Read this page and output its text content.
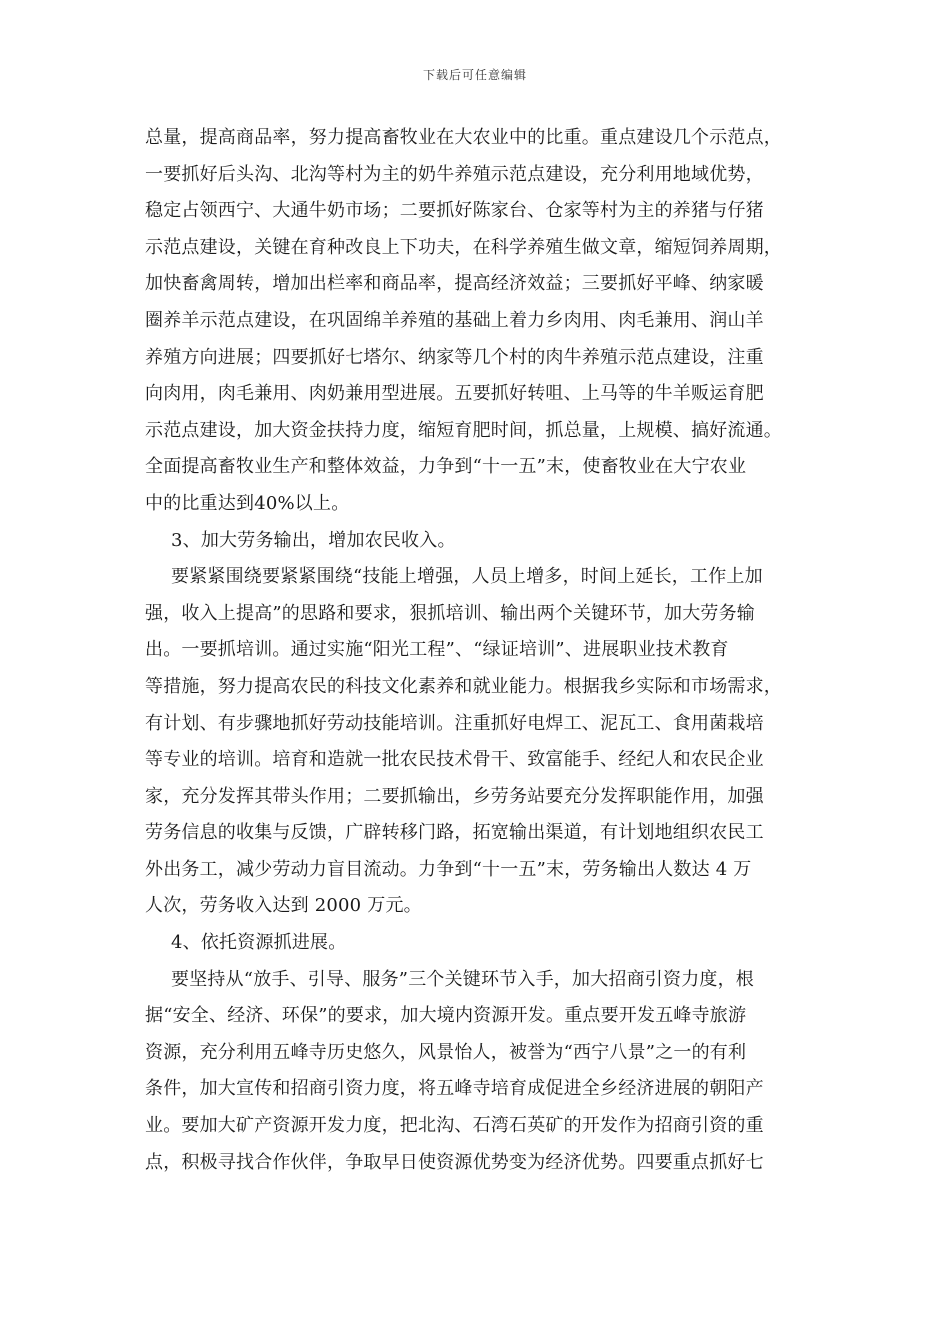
下载后可任意编辑
总量，提高商品率，努力提高畜牧业在大农业中的比重。重点建设几个示范点，
一要抓好后头沟、北沟等村为主的奶牛养殖示范点建设，充分利用地域优势，
稳定占领西宁、大通牛奶市场；二要抓好陈家台、仓家等村为主的养猪与仔猪
示范点建设，关键在育种改良上下功夫，在科学养殖生做文章，缩短饲养周期，
加快畜禽周转，增加出栏率和商品率，提高经济效益；三要抓好平峰、纳家暖
圈养羊示范点建设，在巩固绵羊养殖的基础上着力乡肉用、肉毛兼用、润山羊
养殖方向进展；四要抓好七塔尔、纳家等几个村的肉牛养殖示范点建设，注重
向肉用，肉毛兼用、肉奶兼用型进展。五要抓好转咀、上马等的牛羊贩运育肥
示范点建设，加大资金扶持力度，缩短育肥时间，抓总量，上规模、搞好流通。
全面提高畜牧业生产和整体效益，力争到“十一五”末，使畜牧业在大宁农业
中的比重达到40%以上。
3、加大劳务输出，增加农民收入。
要紧紧围绕要紧紧围绕“技能上增强，人员上增多，时间上延长，工作上加
强，收入上提高”的思路和要求，狠抓培训、输出两个关键环节，加大劳务输
出。一要抓培训。通过实施“阳光工程”、“绿证培训”、进展职业技术教育
等措施，努力提高农民的科技文化素养和就业能力。根据我乡实际和市场需求，
有计划、有步骤地抓好劳动技能培训。注重抓好电焊工、泥瓦工、食用菌栽培
等专业的培训。培育和造就一批农民技术骨干、致富能手、经纪人和农民企业
家，充分发挥其带头作用；二要抓输出，乡劳务站要充分发挥职能作用，加强
劳务信息的收集与反馈，广辟转移门路，拓宽输出渠道，有计划地组织农民工
外出务工，减少劳动力盲目流动。力争到“十一五”末，劳务输出人数达 4 万
人次，劳务收入达到 2000 万元。
4、依托资源抓进展。
要坚持从“放手、引导、服务”三个关键环节入手，加大招商引资力度，根
据“安全、经济、环保”的要求，加大境内资源开发。重点要开发五峰寺旅游
资源，充分利用五峰寺历史悠久，风景怡人，被誉为“西宁八景”之一的有利
条件，加大宣传和招商引资力度，将五峰寺培育成促进全乡经济进展的朝阳产
业。要加大矿产资源开发力度，把北沟、石湾石英矿的开发作为招商引资的重
点，积极寻找合作伙伴，争取早日使资源优势变为经济优势。四要重点抓好七
